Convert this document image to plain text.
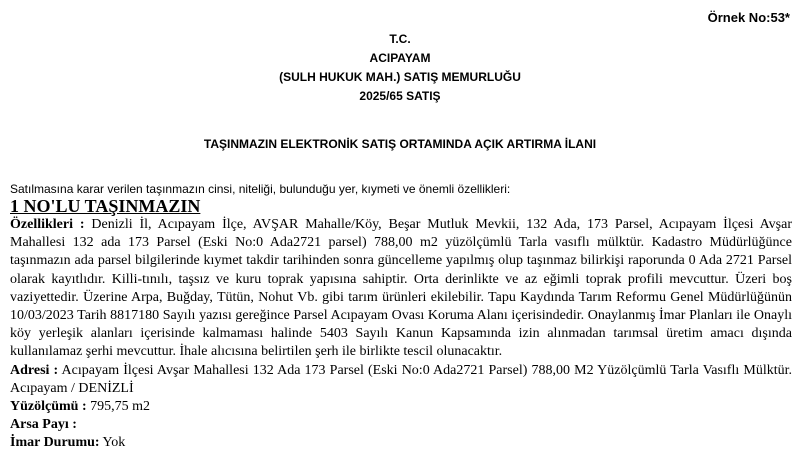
Örnek No:53*
T.C.
ACIPAYAM
(SULH HUKUK MAH.) SATIŞ MEMURLUĞU
2025/65 SATIŞ
TAŞINMAZIN ELEKTRONİK SATIŞ ORTAMINDA AÇIK ARTIRMA İLANI
Satılmasına karar verilen taşınmazın cinsi, niteliği, bulunduğu yer, kıymeti ve önemli özellikleri:
1 NO'LU TAŞINMAZIN

Özellikleri : Denizli İl, Acıpayam İlçe, AVŞAR Mahalle/Köy, Beşar Mutluk Mevkii, 132 Ada, 173 Parsel, Acıpayam İlçesi Avşar Mahallesi 132 ada 173 Parsel (Eski No:0 Ada2721 parsel) 788,00 m2 yüzölçümlü Tarla vasıflı mülktür. Kadastro Müdürlüğünce taşınmazın ada parsel bilgilerinde kıymet takdir tarihinden sonra güncelleme yapılmış olup taşınmaz bilirkişi raporunda 0 Ada 2721 Parsel olarak kayıtlıdır. Killi-tınılı, taşsız ve kuru toprak yapısına sahiptir. Orta derinlikte ve az eğimli toprak profili mevcuttur. Üzeri boş vaziyettedir. Üzerine Arpa, Buğday, Tütün, Nohut Vb. gibi tarım ürünleri ekilebilir. Tapu Kaydında Tarım Reformu Genel Müdürlüğünün 10/03/2023 Tarih 8817180 Sayılı yazısı gereğince Parsel Acıpayam Ovası Koruma Alanı içerisindedir. Onaylanmış İmar Planları ile Onaylı köy yerleşik alanları içerisinde kalmaması halinde 5403 Sayılı Kanun Kapsamında izin alınmadan tarımsal üretim amacı dışında kullanılamaz şerhi mevcuttur. İhale alıcısına belirtilen şerh ile birlikte tescil olunacaktır.

Adresi : Acıpayam İlçesi Avşar Mahallesi 132 Ada 173 Parsel (Eski No:0 Ada2721 Parsel) 788,00 M2 Yüzölçümlü Tarla Vasıflı Mülktür. Acıpayam / DENİZLİ

Yüzölçümü : 795,75 m2

Arsa Payı :

İmar Durumu: Yok
